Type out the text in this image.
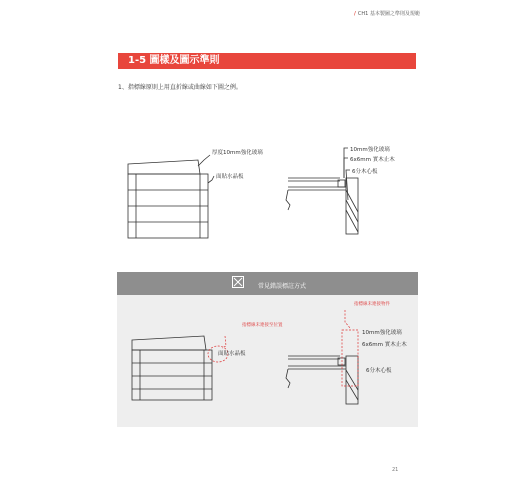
/ CH1 基本製圖之準則及規範
1-5 圖樣及圖示準則
1、指標線原則上用直折線或曲線如下圖之例。
厚度10mm強化玻璃
面貼水晶板
10mm強化玻璃
6x6mm 實木止木
6分木心板
常見錯誤標註方式
指標線未連接至位置
指標線未連接物件
面貼水晶板
10mm強化玻璃
6x6mm 實木止木
6分木心板
21
